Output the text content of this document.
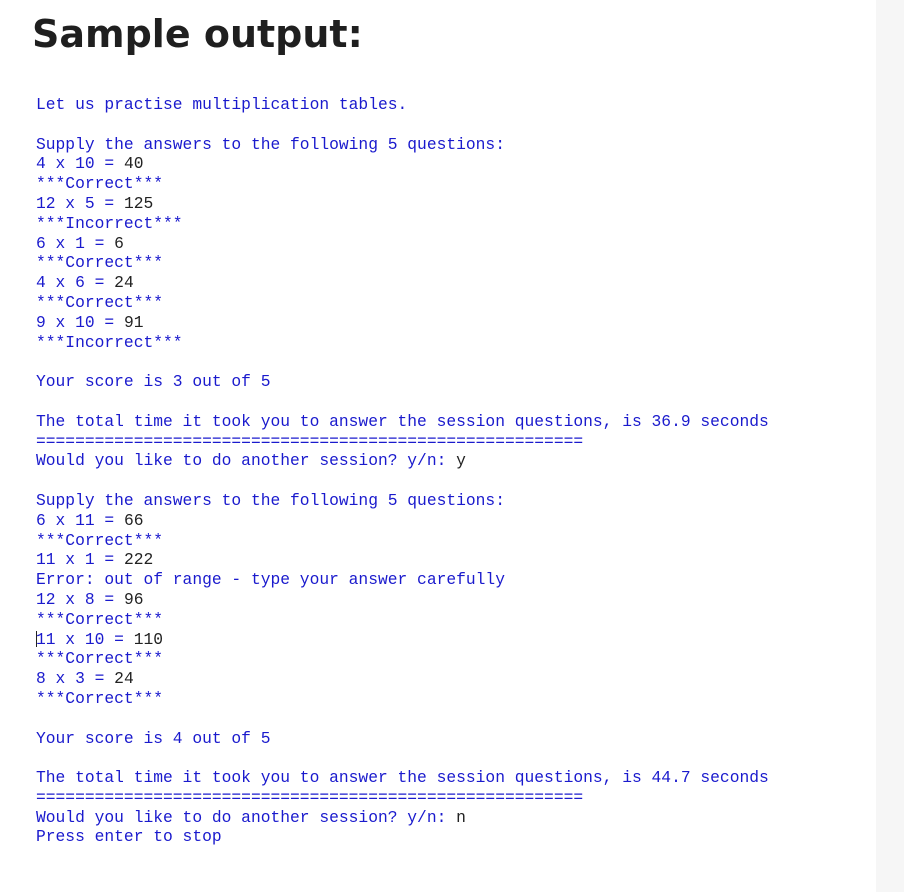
Sample output:
Let us practise multiplication tables.
Supply the answers to the following 5 questions:
4 x 10 = 40
***Correct***
12 x 5 = 125
***Incorrect***
6 x 1 = 6
***Correct***
4 x 6 = 24
***Correct***
9 x 10 = 91
***Incorrect***
Your score is 3 out of 5
The total time it took you to answer the session questions, is 36.9 seconds
========================================================
Would you like to do another session? y/n: y
Supply the answers to the following 5 questions:
6 x 11 = 66
***Correct***
11 x 1 = 222
Error: out of range - type your answer carefully
12 x 8 = 96
***Correct***
11 x 10 = 110
***Correct***
8 x 3 = 24
***Correct***
Your score is 4 out of 5
The total time it took you to answer the session questions, is 44.7 seconds
========================================================
Would you like to do another session? y/n: n
Press enter to stop
